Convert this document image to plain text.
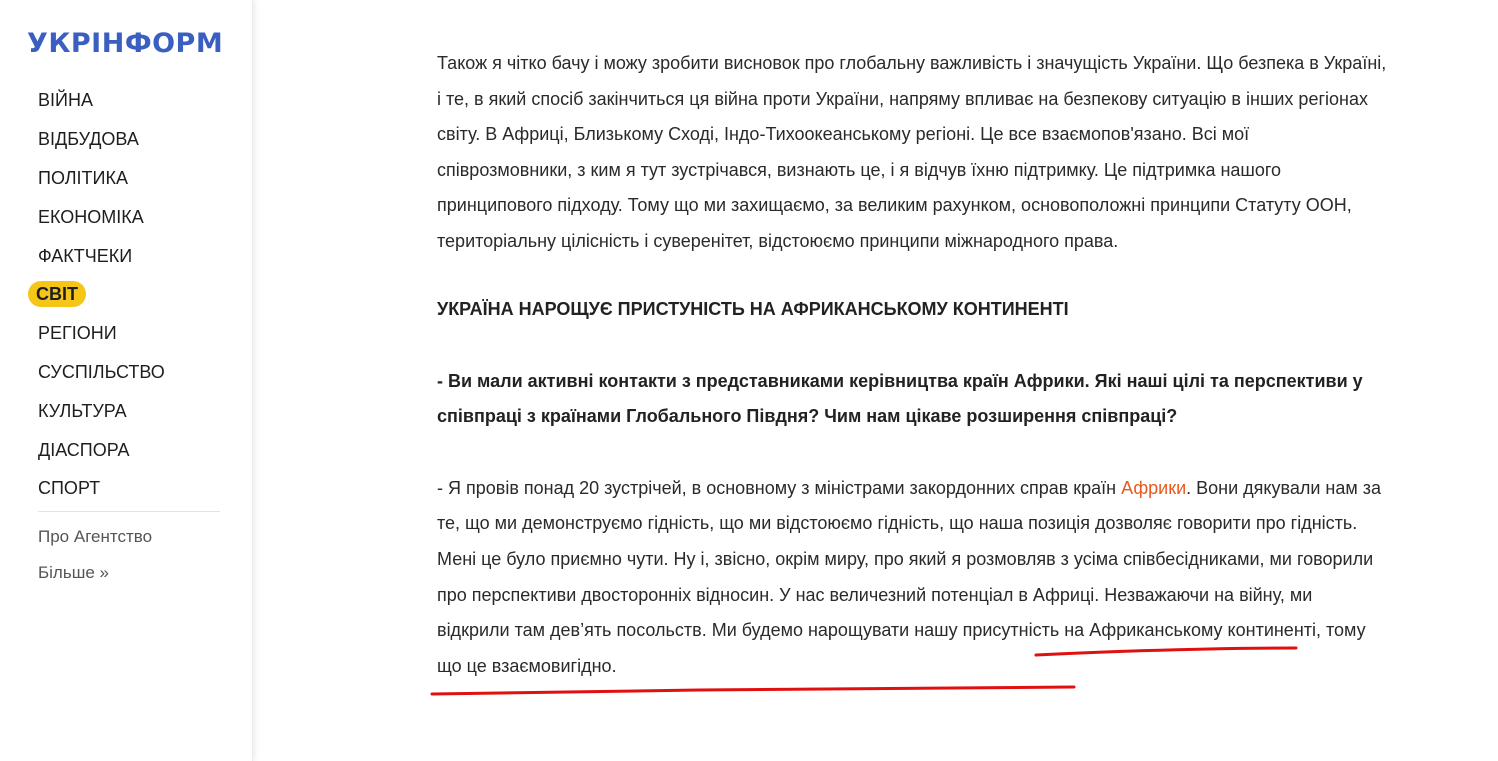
УКРІНФОРМ
ВІЙНА
ВІДБУДОВА
ПОЛІТИКА
ЕКОНОМІКА
ФАКТЧЕКИ
СВІТ
РЕГІОНИ
СУСПІЛЬСТВО
КУЛЬТУРА
ДІАСПОРА
СПОРТ
Про Агентство
Більше »

Також я чітко бачу і можу зробити висновок про глобальну важливість і значущість України. Що безпека в Україні, і те, в який спосіб закінчиться ця війна проти України, напряму впливає на безпекову ситуацію в інших регіонах світу. В Африці, Близькому Сході, Індо-Тихоокеанському регіоні. Це все взаємопов'язано. Всі мої співрозмовники, з ким я тут зустрічався, визнають це, і я відчув їхню підтримку. Це підтримка нашого принципового підходу. Тому що ми захищаємо, за великим рахунком, основоположні принципи Статуту ООН, територіальну цілісність і суверенітет, відстоюємо принципи міжнародного права.

УКРАЇНА НАРОЩУЄ ПРИСТУНІСТЬ НА АФРИКАНСЬКОМУ КОНТИНЕНТІ

- Ви мали активні контакти з представниками керівництва країн Африки. Які наші цілі та перспективи у співпраці з країнами Глобального Півдня? Чим нам цікаве розширення співпраці?

- Я провів понад 20 зустрічей, в основному з міністрами закордонних справ країн Африки. Вони дякували нам за те, що ми демонструємо гідність, що ми відстоюємо гідність, що наша позиція дозволяє говорити про гідність. Мені це було приємно чути. Ну і, звісно, окрім миру, про який я розмовляв з усіма співбесідниками, ми говорили про перспективи двосторонніх відносин. У нас величезний потенціал в Африці. Незважаючи на війну, ми відкрили там дев’ять посольств. Ми будемо нарощувати нашу присутність на Африканському континенті, тому що це взаємовигідно.
